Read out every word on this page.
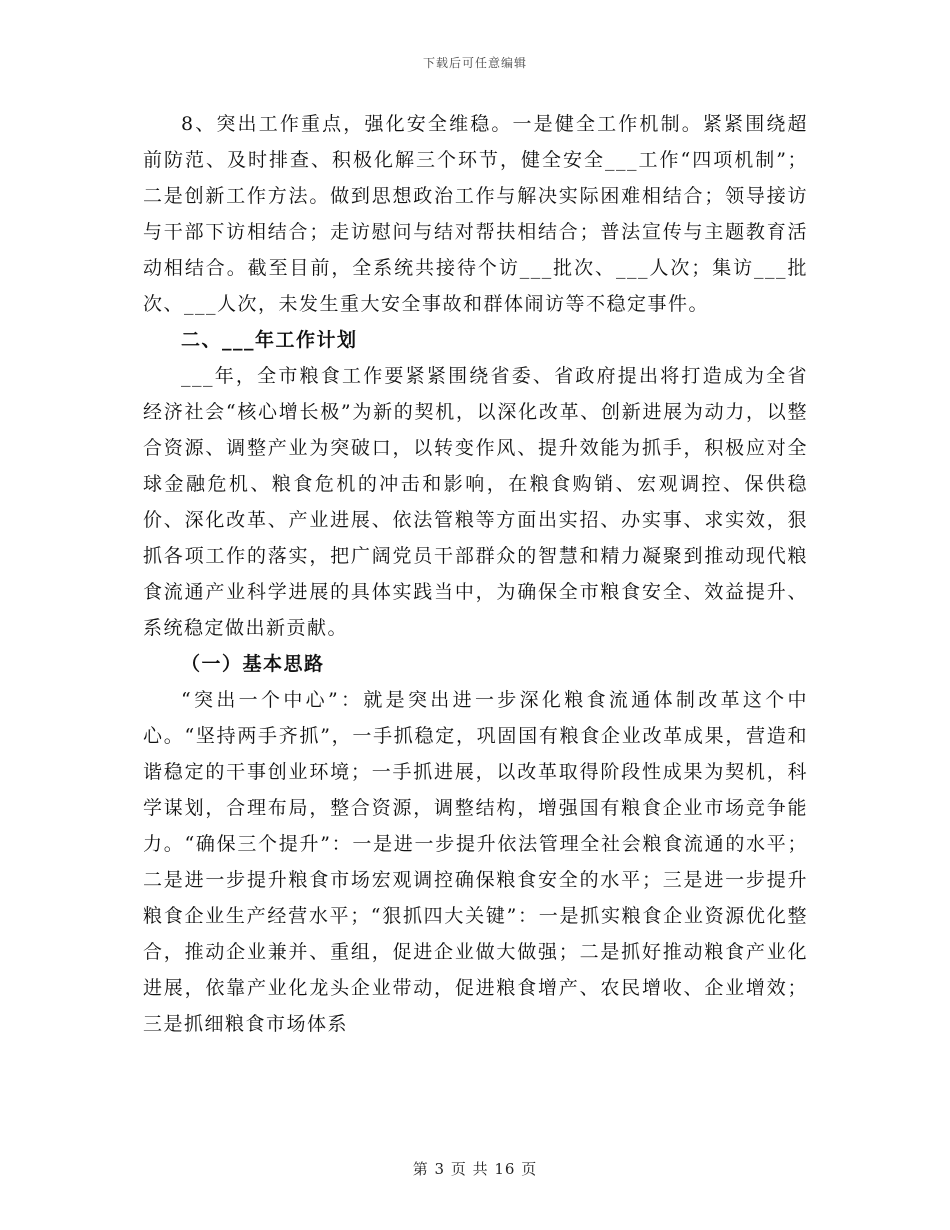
下载后可任意编辑

8、突出工作重点，强化安全维稳。一是健全工作机制。紧紧围绕超前防范、及时排查、积极化解三个环节，健全安全___工作“四项机制”；二是创新工作方法。做到思想政治工作与解决实际困难相结合；领导接访与干部下访相结合；走访慰问与结对帮扶相结合；普法宣传与主题教育活动相结合。截至目前，全系统共接待个访___批次、___人次；集访___批次、___人次，未发生重大安全事故和群体闹访等不稳定事件。

二、___年工作计划

___年，全市粮食工作要紧紧围绕省委、省政府提出将打造成为全省经济社会“核心增长极”为新的契机，以深化改革、创新进展为动力，以整合资源、调整产业为突破口，以转变作风、提升效能为抓手，积极应对全球金融危机、粮食危机的冲击和影响，在粮食购销、宏观调控、保供稳价、深化改革、产业进展、依法管粮等方面出实招、办实事、求实效，狠抓各项工作的落实，把广阔党员干部群众的智慧和精力凝聚到推动现代粮食流通产业科学进展的具体实践当中，为确保全市粮食安全、效益提升、系统稳定做出新贡献。

（一）基本思路

“突出一个中心”：就是突出进一步深化粮食流通体制改革这个中心。“坚持两手齐抓”，一手抓稳定，巩固国有粮食企业改革成果，营造和谐稳定的干事创业环境；一手抓进展，以改革取得阶段性成果为契机，科学谋划，合理布局，整合资源，调整结构，增强国有粮食企业市场竞争能力。“确保三个提升”：一是进一步提升依法管理全社会粮食流通的水平；二是进一步提升粮食市场宏观调控确保粮食安全的水平；三是进一步提升粮食企业生产经营水平；“狠抓四大关键”：一是抓实粮食企业资源优化整合，推动企业兼并、重组，促进企业做大做强；二是抓好推动粮食产业化进展，依靠产业化龙头企业带动，促进粮食增产、农民增收、企业增效；三是抓细粮食市场体系

第 3 页 共 16 页
